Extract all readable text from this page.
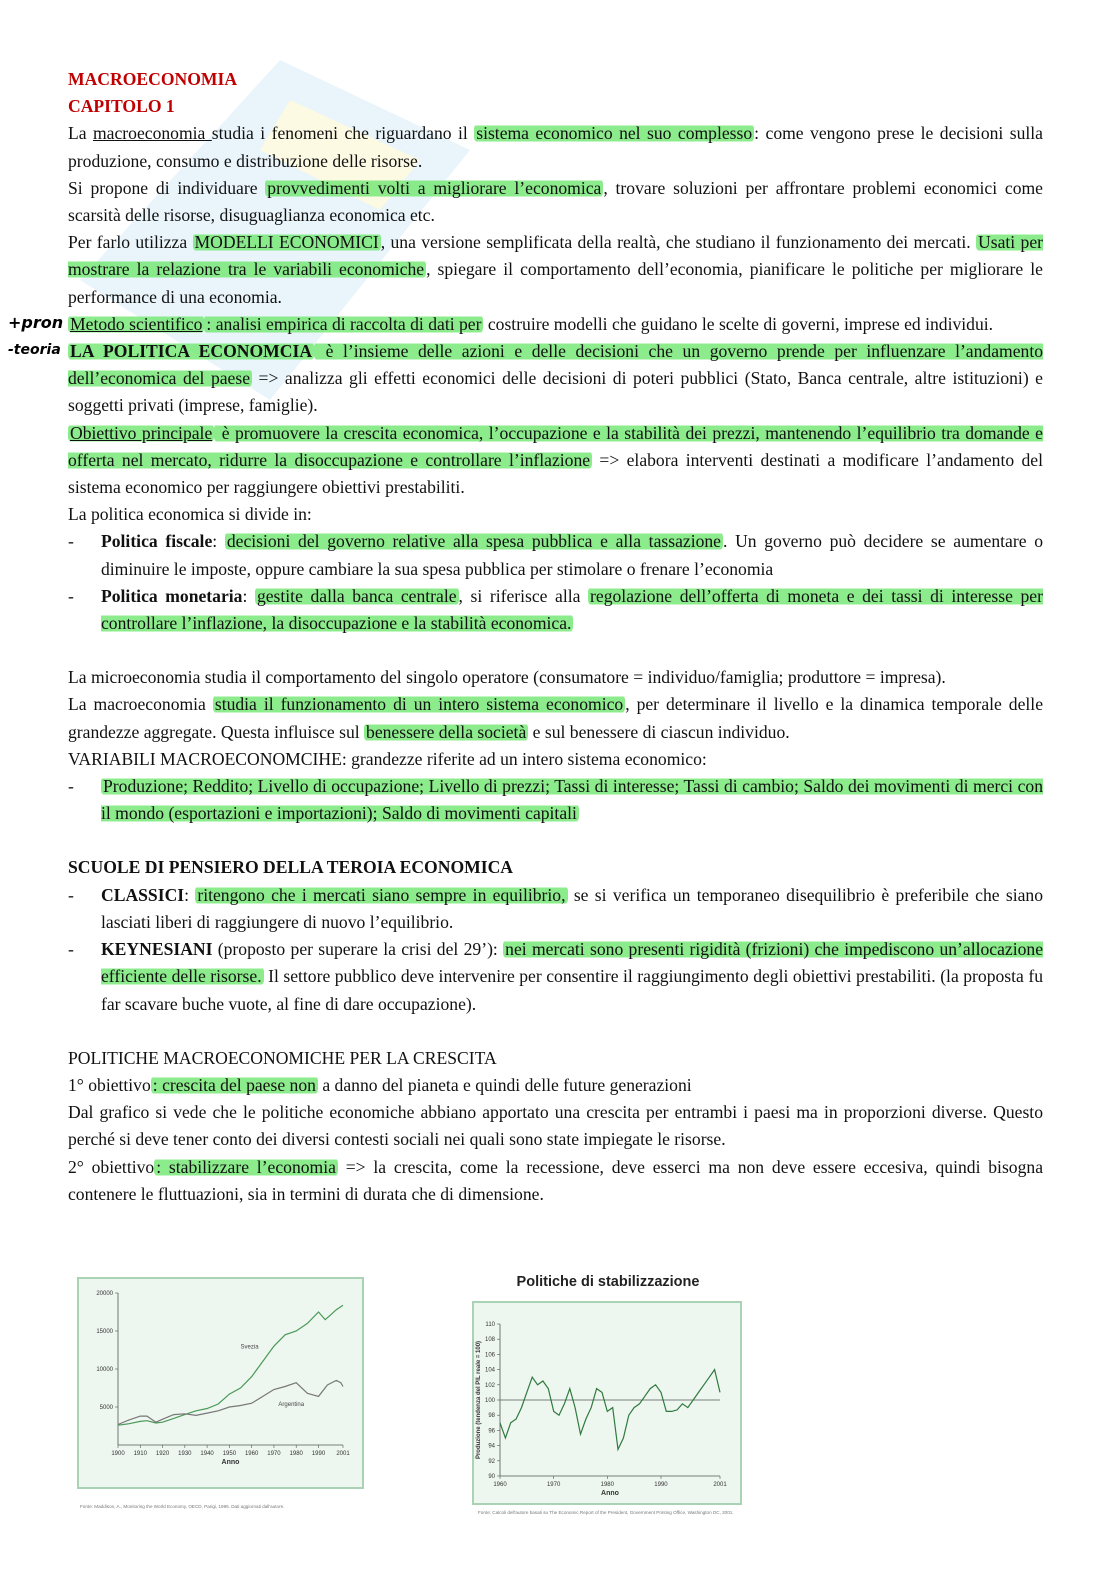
+pron
-teoria

MACROECONOMIA

CAPITOLO 1

La macroeconomia studia i fenomeni che riguardano il sistema economico nel suo complesso : come vengono prese le decisioni sulla produzione, consumo e distribuzione delle risorse.

Si propone di individuare provvedimenti volti a migliorare l’economica , trovare soluzioni per affrontare problemi economici come scarsità delle risorse, disuguaglianza economica etc.

Per farlo utilizza MODELLI ECONOMICI , una versione semplificata della realtà, che studiano il funzionamento dei mercati. Usati per mostrare la relazione tra le variabili economiche , spiegare il comportamento dell’economia, pianificare le politiche per migliorare le performance di una economia.

Metodo scientifico : analisi empirica di raccolta di dati per costruire modelli che guidano le scelte di governi, imprese ed individui.

LA POLITICA ECONOMCIA è l’insieme delle azioni e delle decisioni che un governo prende per influenzare l’andamento dell’economica del paese => analizza gli effetti economici delle decisioni di poteri pubblici (Stato, Banca centrale, altre istituzioni) e soggetti privati (imprese, famiglie).

Obiettivo principale è promuovere la crescita economica, l’occupazione e la stabilità dei prezzi, mantenendo l’equilibrio tra domande e offerta nel mercato, ridurre la disoccupazione e controllare l’inflazione => elabora interventi destinati a modificare l’andamento del sistema economico per raggiungere obiettivi prestabiliti.

La politica economica si divide in:

- Politica fiscale: decisioni del governo relative alla spesa pubblica e alla tassazione . Un governo può decidere se aumentare o diminuire le imposte, oppure cambiare la sua spesa pubblica per stimolare o frenare l’economia
- Politica monetaria: gestite dalla banca centrale , si riferisce alla regolazione dell’offerta di moneta e dei tassi di interesse per controllare l’inflazione, la disoccupazione e la stabilità economica.

La microeconomia studia il comportamento del singolo operatore (consumatore = individuo/famiglia; produttore = impresa).

La macroeconomia studia il funzionamento di un intero sistema economico , per determinare il livello e la dinamica temporale delle grandezze aggregate. Questa influisce sul benessere della società e sul benessere di ciascun individuo.

VARIABILI MACROECONOMCIHE: grandezze riferite ad un intero sistema economico:

- Produzione; Reddito; Livello di occupazione; Livello di prezzi; Tassi di interesse; Tassi di cambio; Saldo dei movimenti di merci con il mondo (esportazioni e importazioni); Saldo di movimenti capitali

SCUOLE DI PENSIERO DELLA TEROIA ECONOMICA

- CLASSICI: ritengono che i mercati siano sempre in equilibrio, se si verifica un temporaneo disequilibrio è preferibile che siano lasciati liberi di raggiungere di nuovo l’equilibrio.
- KEYNESIANI (proposto per superare la crisi del 29’): nei mercati sono presenti rigidità (frizioni) che impediscono un’allocazione efficiente delle risorse. Il settore pubblico deve intervenire per consentire il raggiungimento degli obiettivi prestabiliti. (la proposta fu far scavare buche vuote, al fine di dare occupazione).

POLITICHE MACROECONOMICHE PER LA CRESCITA

1° obiettivo : crescita del paese non a danno del pianeta e quindi delle future generazioni

Dal grafico si vede che le politiche economiche abbiano apportato una crescita per entrambi i paesi ma in proporzioni diverse. Questo perché si deve tener conto dei diversi contesti sociali nei quali sono state impiegate le risorse.

2° obiettivo : stabilizzare l’economia => la crescita, come la recessione, deve esserci ma non deve essere eccesiva, quindi bisogna contenere le fluttuazioni, sia in termini di durata che di dimensione.

1900 1910 1920 1930 1940 1950 1960 1970 1980 1990 2001
5000
10000
15000
20000
Anno
Svezia
Argentina
Fonte: Maddison, A., Monitoring the World Economy, OECD, Parigi, 1995. Dati aggiornati dall'autore.
Politiche di stabilizzazione
1960	1970	1980	1990	2001
90
92
94
96
98
100
102
104
106
108
110
Anno
Produzione (tendenza del PIL reale = 100)
Fonte: Calcoli dell'autore basati su The Economic Report of the President, Government Printing Office, Washington DC, 2001.
